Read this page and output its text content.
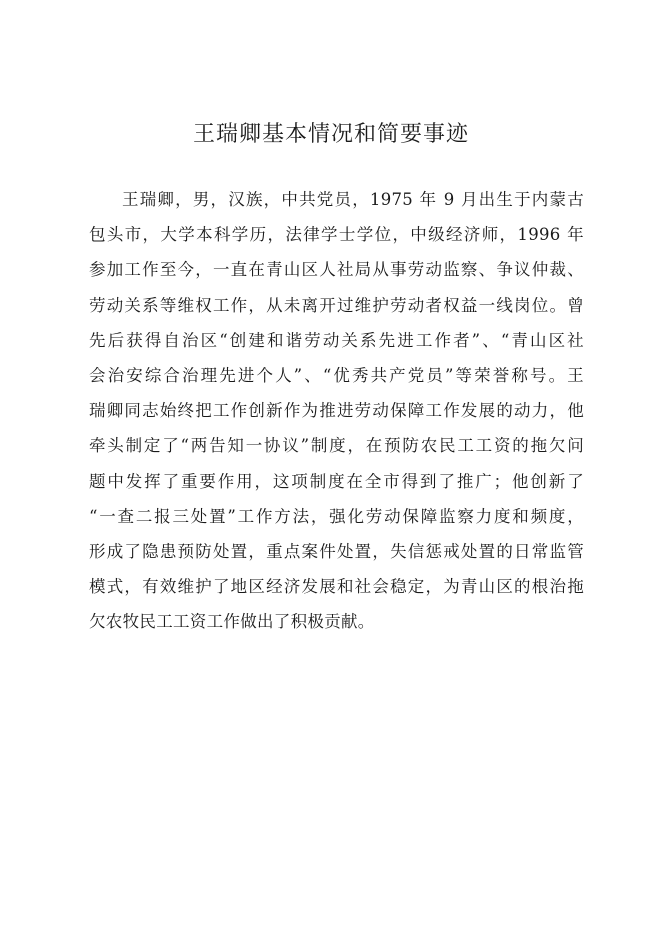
王瑞卿基本情况和简要事迹
王瑞卿，男，汉族，中共党员，1975 年 9 月出生于内蒙古
包头市，大学本科学历，法律学士学位，中级经济师，1996 年
参加工作至今，一直在青山区人社局从事劳动监察、争议仲裁、
劳动关系等维权工作，从未离开过维护劳动者权益一线岗位。曾
先后获得自治区“创建和谐劳动关系先进工作者”、“青山区社
会治安综合治理先进个人”、“优秀共产党员”等荣誉称号。王
瑞卿同志始终把工作创新作为推进劳动保障工作发展的动力，他
牵头制定了“两告知一协议”制度，在预防农民工工资的拖欠问
题中发挥了重要作用，这项制度在全市得到了推广；他创新了
“一查二报三处置”工作方法，强化劳动保障监察力度和频度，
形成了隐患预防处置，重点案件处置，失信惩戒处置的日常监管
模式，有效维护了地区经济发展和社会稳定，为青山区的根治拖
欠农牧民工工资工作做出了积极贡献。
